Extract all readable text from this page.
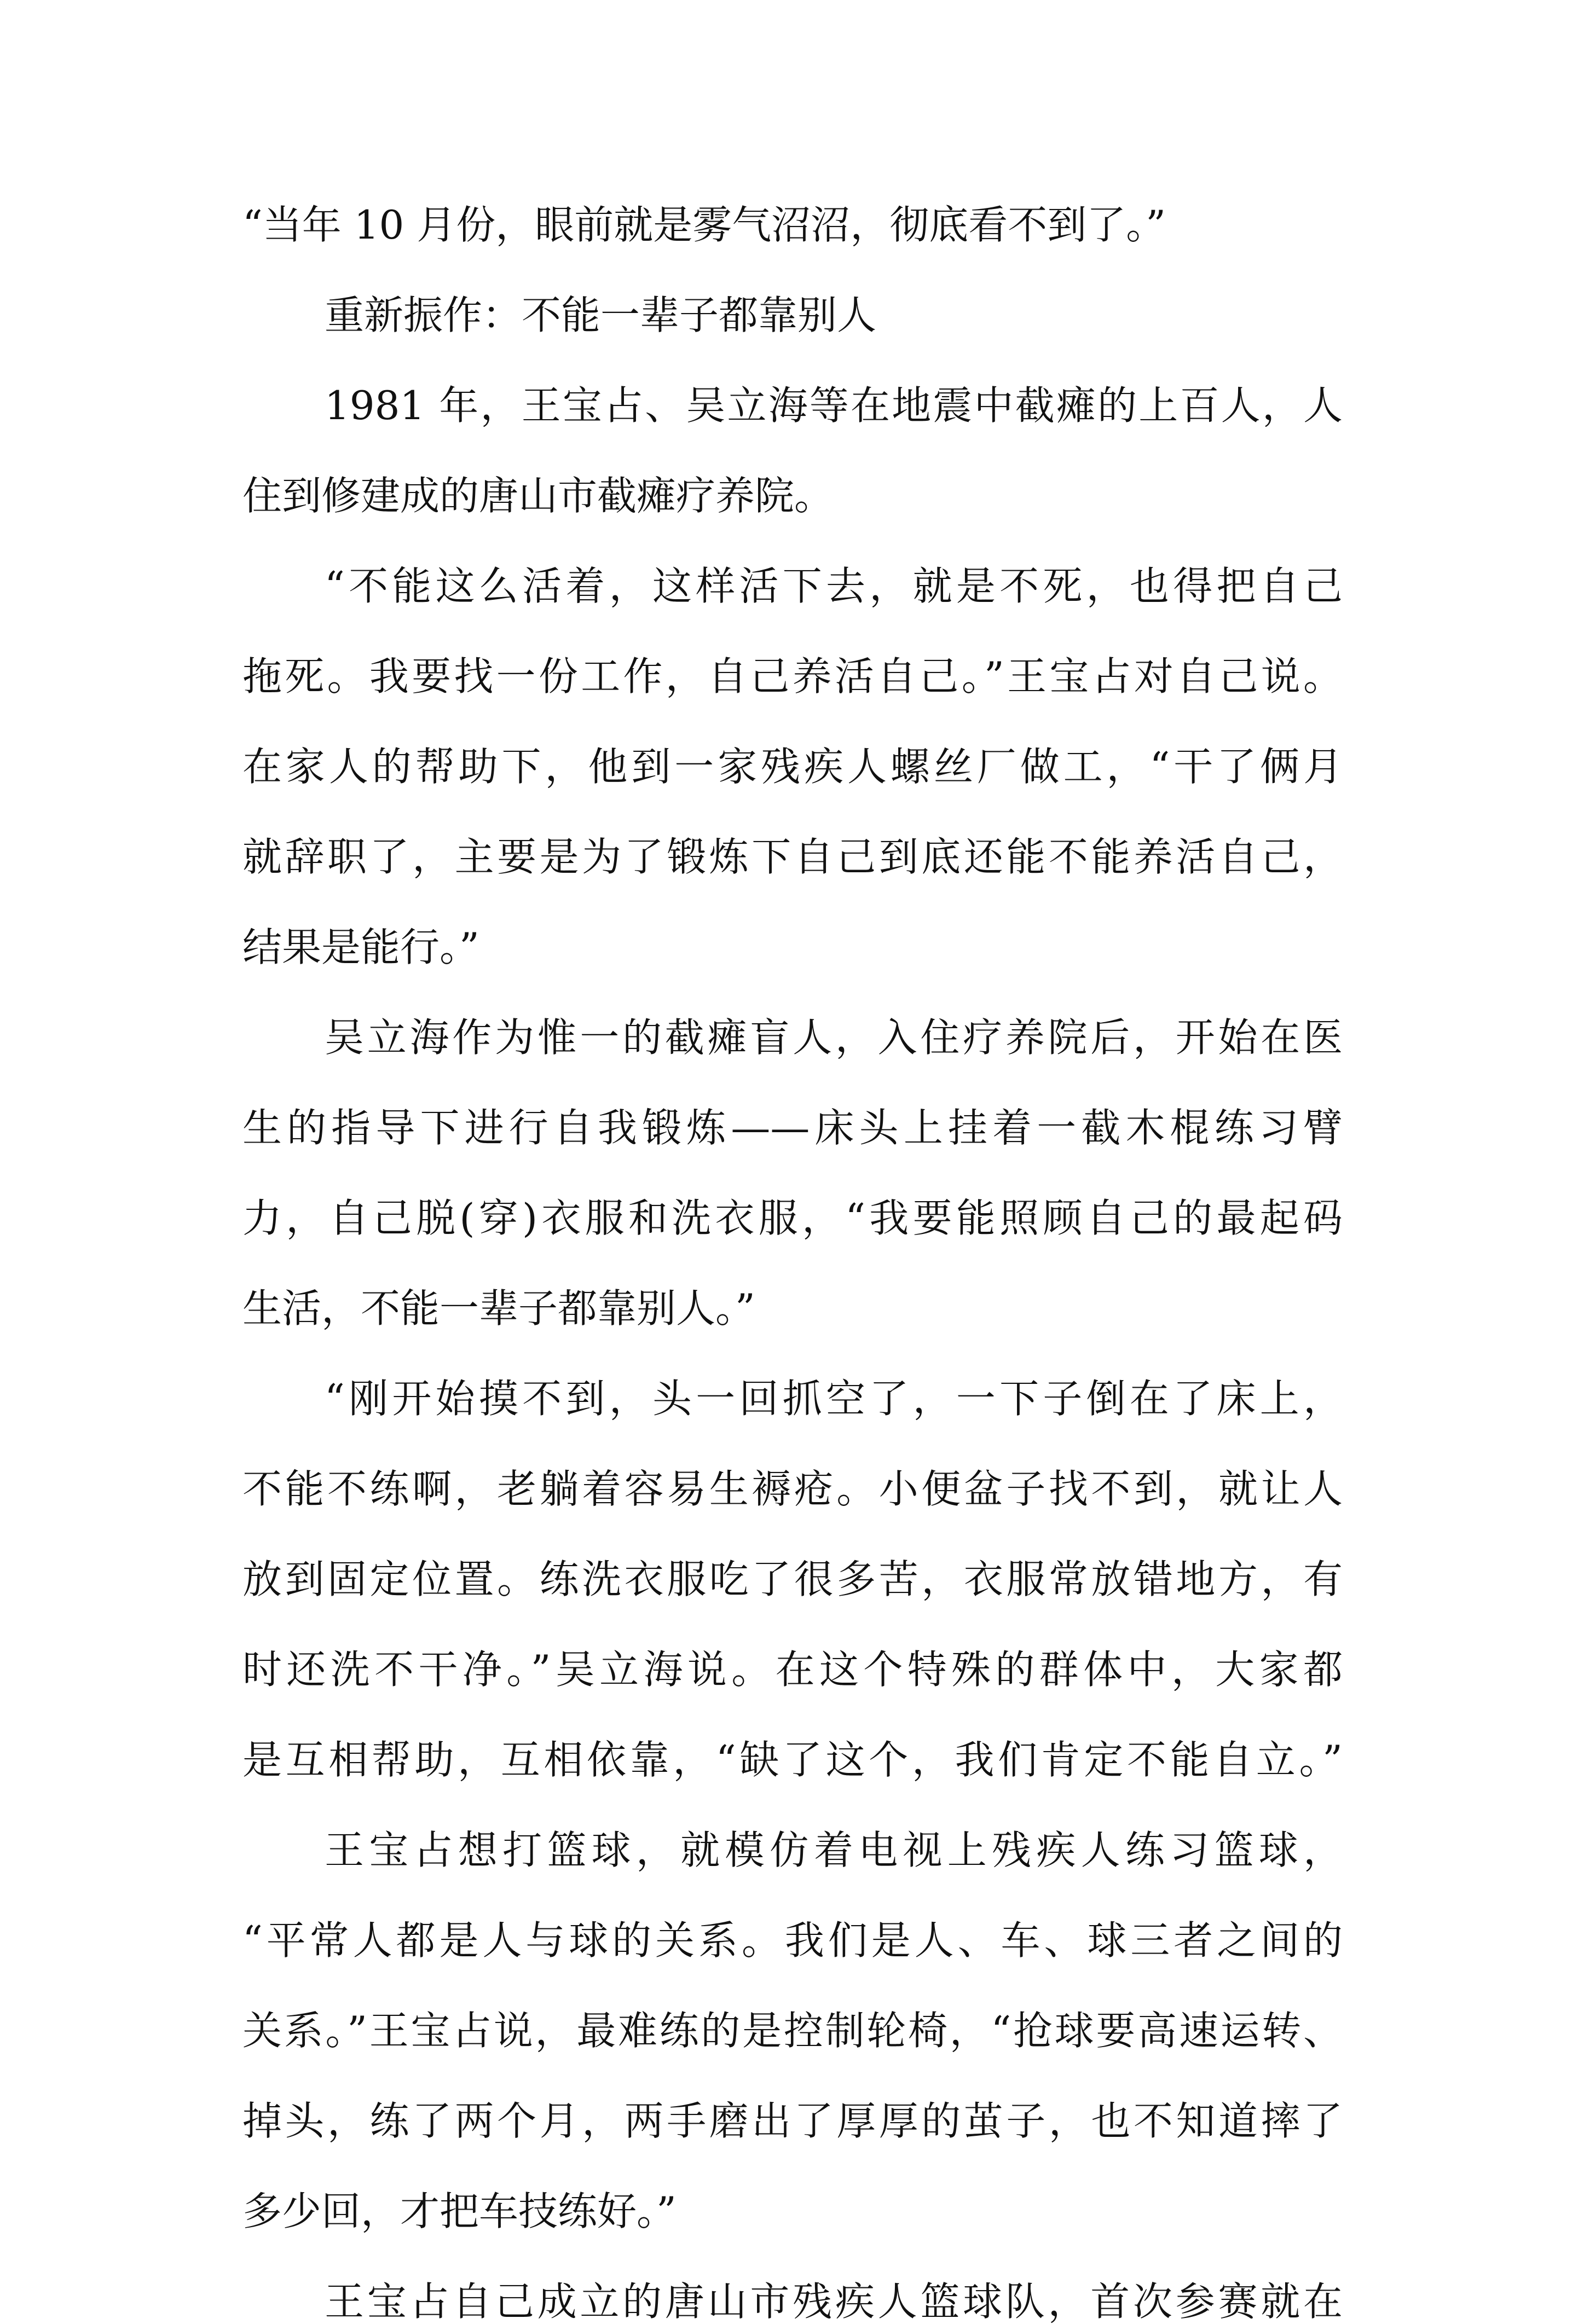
“当年 10 月份，眼前就是雾气沼沼，彻底看不到了。”
重新振作：不能一辈子都靠别人
1981 年，王宝占、吴立海等在地震中截瘫的上百人，人
住到修建成的唐山市截瘫疗养院。
“不能这么活着，这样活下去，就是不死，也得把自己
拖死。我要找一份工作，自己养活自己。”王宝占对自己说。
在家人的帮助下，他到一家残疾人螺丝厂做工，“干了俩月
就辞职了，主要是为了锻炼下自己到底还能不能养活自己，
结果是能行。”
吴立海作为惟一的截瘫盲人，入住疗养院后，开始在医
生的指导下进行自我锻炼——床头上挂着一截木棍练习臂
力，自己脱(穿)衣服和洗衣服，“我要能照顾自己的最起码
生活，不能一辈子都靠别人。”
“刚开始摸不到，头一回抓空了，一下子倒在了床上，
不能不练啊，老躺着容易生褥疮。小便盆子找不到，就让人
放到固定位置。练洗衣服吃了很多苦，衣服常放错地方，有
时还洗不干净。”吴立海说。在这个特殊的群体中，大家都
是互相帮助，互相依靠，“缺了这个，我们肯定不能自立。”
王宝占想打篮球，就模仿着电视上残疾人练习篮球，
“平常人都是人与球的关系。我们是人、车、球三者之间的
关系。”王宝占说，最难练的是控制轮椅，“抢球要高速运转、
掉头，练了两个月，两手磨出了厚厚的茧子，也不知道摔了
多少回，才把车技练好。”
王宝占自己成立的唐山市残疾人篮球队，首次参赛就在
